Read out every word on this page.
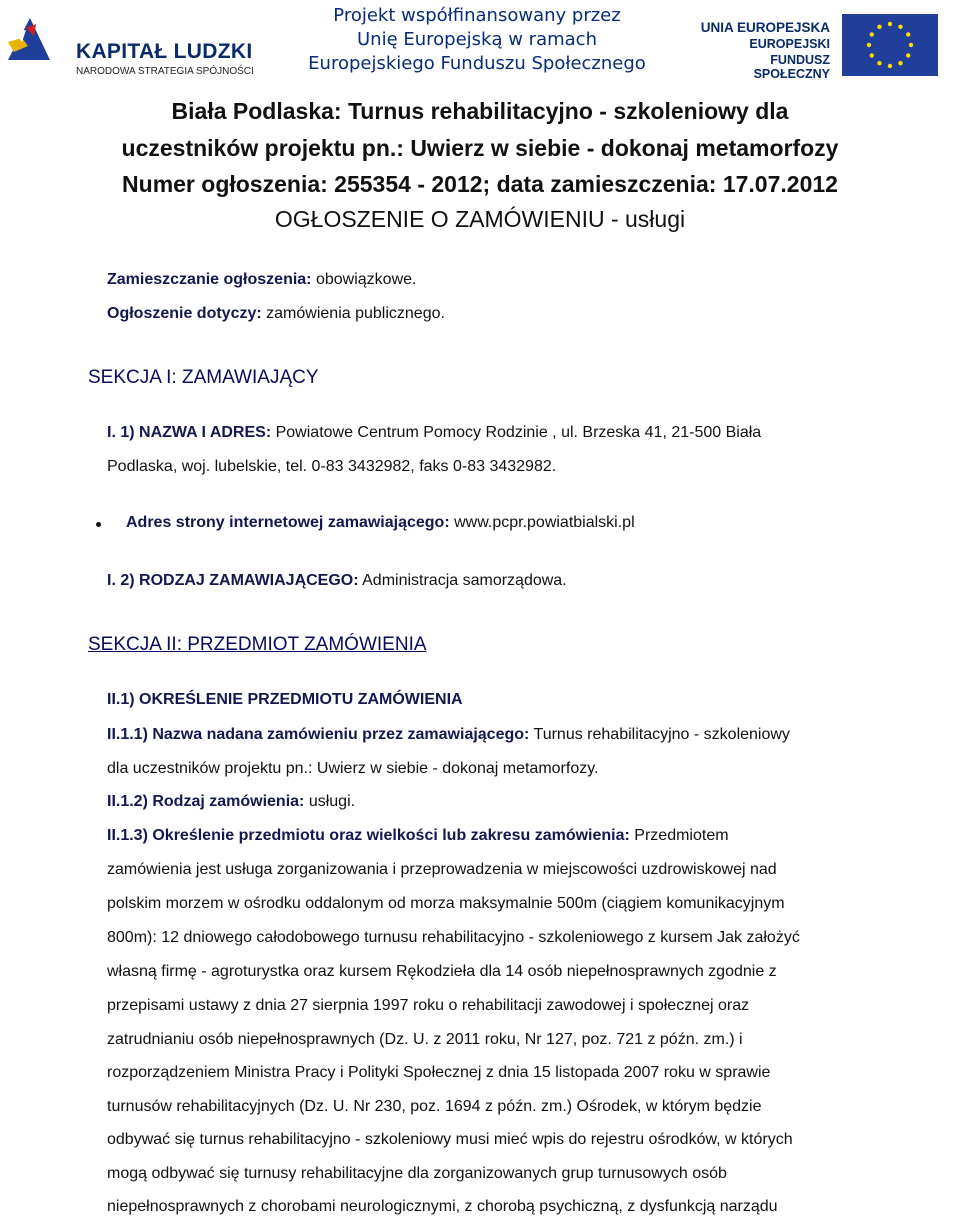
KAPITAŁ LUDZKI
NARODOWA STRATEGIA SPÓJNOŚCI
Projekt współfinansowany przez
Unię Europejską w ramach
Europejskiego Funduszu Społecznego
UNIA EUROPEJSKA
EUROPEJSKI
FUNDUSZ SPOŁECZNY
Biała Podlaska: Turnus rehabilitacyjno - szkoleniowy dla
uczestników projektu pn.: Uwierz w siebie - dokonaj metamorfozy
Numer ogłoszenia: 255354 - 2012; data zamieszczenia: 17.07.2012
OGŁOSZENIE O ZAMÓWIENIU - usługi
Zamieszczanie ogłoszenia: obowiązkowe.
Ogłoszenie dotyczy: zamówienia publicznego.
SEKCJA I: ZAMAWIAJĄCY
I. 1) NAZWA I ADRES: Powiatowe Centrum Pomocy Rodzinie , ul. Brzeska 41, 21-500 Biała
Podlaska, woj. lubelskie, tel. 0-83 3432982, faks 0-83 3432982.
Adres strony internetowej zamawiającego: www.pcpr.powiatbialski.pl
I. 2) RODZAJ ZAMAWIAJĄCEGO: Administracja samorządowa.
SEKCJA II: PRZEDMIOT ZAMÓWIENIA
II.1) OKREŚLENIE PRZEDMIOTU ZAMÓWIENIA
II.1.1) Nazwa nadana zamówieniu przez zamawiającego: Turnus rehabilitacyjno - szkoleniowy
dla uczestników projektu pn.: Uwierz w siebie - dokonaj metamorfozy.
II.1.2) Rodzaj zamówienia: usługi.
II.1.3) Określenie przedmiotu oraz wielkości lub zakresu zamówienia: Przedmiotem
zamówienia jest usługa zorganizowania i przeprowadzenia w miejscowości uzdrowiskowej nad
polskim morzem w ośrodku oddalonym od morza maksymalnie 500m (ciągiem komunikacyjnym
800m): 12 dniowego całodobowego turnusu rehabilitacyjno - szkoleniowego z kursem Jak założyć
własną firmę - agroturystka oraz kursem Rękodzieła dla 14 osób niepełnosprawnych zgodnie z
przepisami ustawy z dnia 27 sierpnia 1997 roku o rehabilitacji zawodowej i społecznej oraz
zatrudnianiu osób niepełnosprawnych (Dz. U. z 2011 roku, Nr 127, poz. 721 z późn. zm.) i
rozporządzeniem Ministra Pracy i Polityki Społecznej z dnia 15 listopada 2007 roku w sprawie
turnusów rehabilitacyjnych (Dz. U. Nr 230, poz. 1694 z późn. zm.) Ośrodek, w którym będzie
odbywać się turnus rehabilitacyjno - szkoleniowy musi mieć wpis do rejestru ośrodków, w których
mogą odbywać się turnusy rehabilitacyjne dla zorganizowanych grup turnusowych osób
niepełnosprawnych z chorobami neurologicznymi, z chorobą psychiczną, z dysfunkcją narządu
